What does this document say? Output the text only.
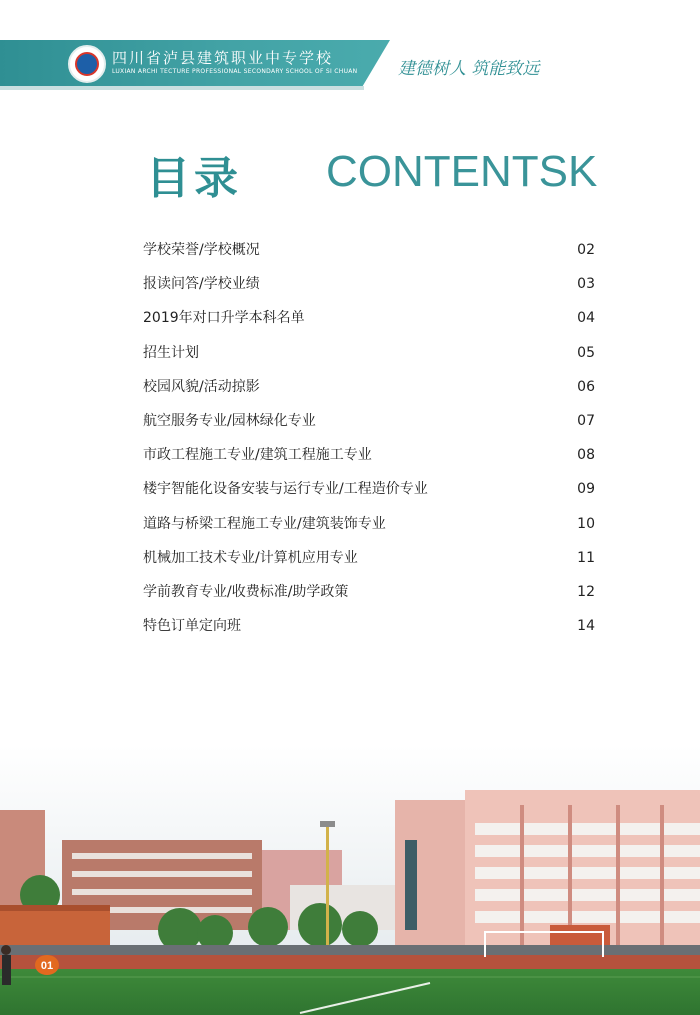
四川省泸县建筑职业中专学校
LUXIAN ARCHI TECTURE PROFESSIONAL SECONDARY SCHOOL OF SI CHUAN 建德树人 筑能致远
目录 CONTENTSK
学校荣誉/学校概况	02
报读问答/学校业绩	03
2019年对口升学本科名单	04
招生计划	05
校园风貌/活动掠影	06
航空服务专业/园林绿化专业	07
市政工程施工专业/建筑工程施工专业	08
楼宇智能化设备安装与运行专业/工程造价专业	09
道路与桥梁工程施工专业/建筑装饰专业	10
机械加工技术专业/计算机应用专业	11
学前教育专业/收费标准/助学政策	12
特色订单定向班	14
01
